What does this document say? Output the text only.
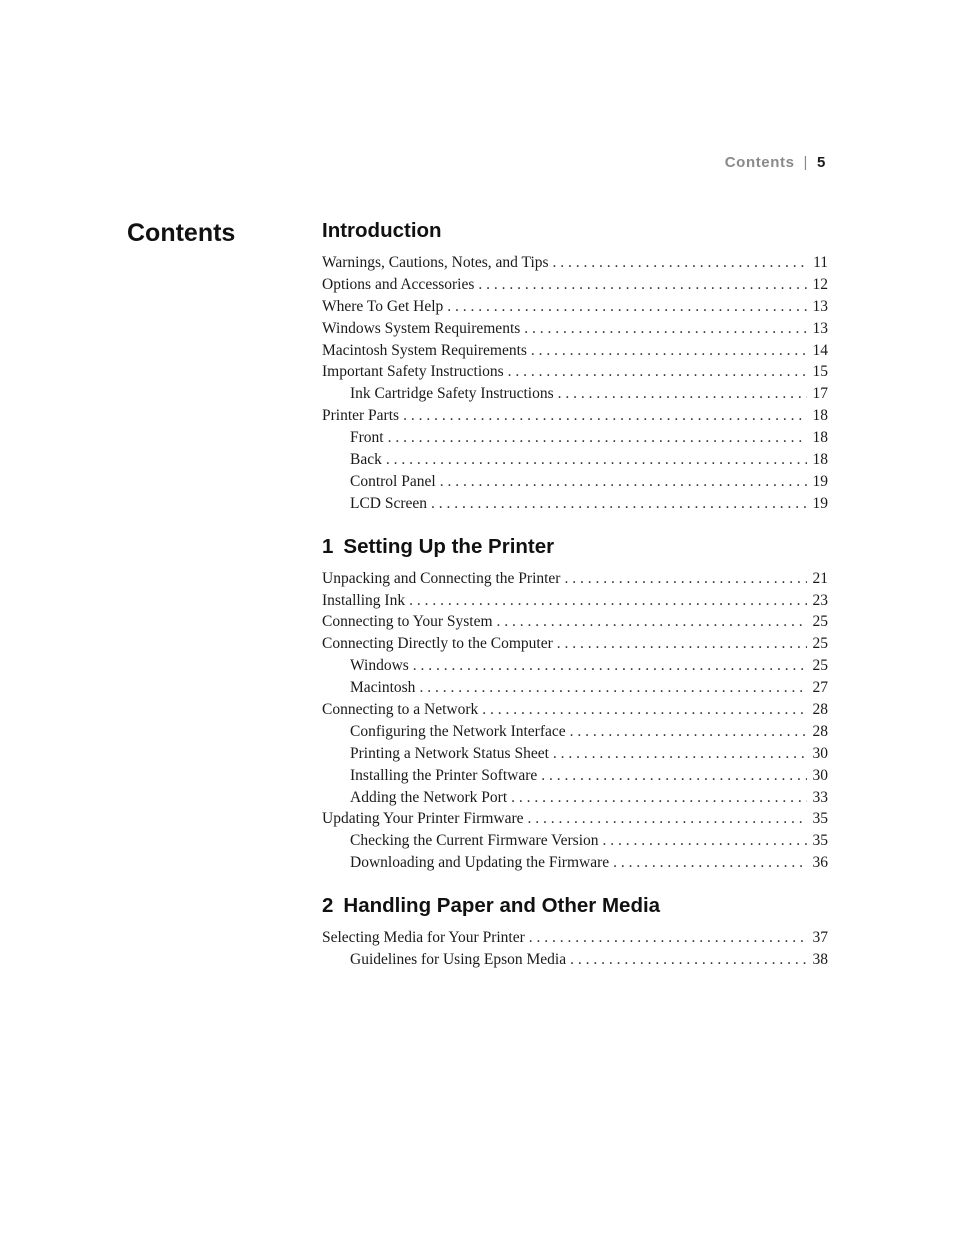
Contents | 5
Contents	Introduction
Warnings, Cautions, Notes, and Tips . . .	11
Options and Accessories . . .	12
Where To Get Help . . .	13
Windows System Requirements . . .	13
Macintosh System Requirements . . .	14
Important Safety Instructions . . .	15
Ink Cartridge Safety Instructions . . .	17
Printer Parts . . .	18
Front . . .	18
Back . . .	18
Control Panel . . .	19
LCD Screen . . .	19
1 Setting Up the Printer
Unpacking and Connecting the Printer . . .	21
Installing Ink . . .	23
Connecting to Your System . . .	25
Connecting Directly to the Computer . . .	25
Windows . . .	25
Macintosh . . .	27
Connecting to a Network . . .	28
Configuring the Network Interface . . .	28
Printing a Network Status Sheet . . .	30
Installing the Printer Software . . .	30
Adding the Network Port . . .	33
Updating Your Printer Firmware . . .	35
Checking the Current Firmware Version . . .	35
Downloading and Updating the Firmware . . .	36
2 Handling Paper and Other Media
Selecting Media for Your Printer . . .	37
Guidelines for Using Epson Media . . .	38
